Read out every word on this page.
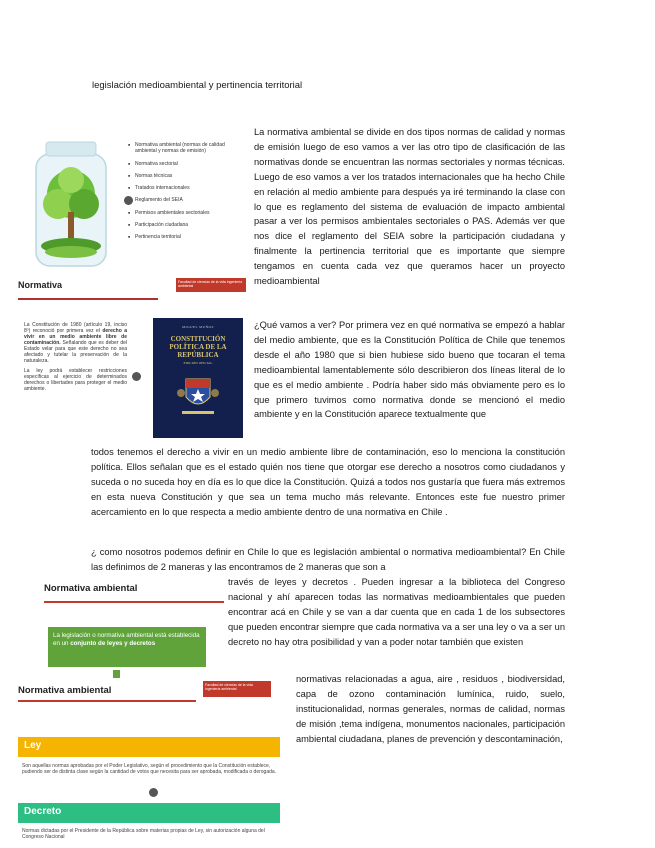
legislación medioambiental y pertinencia territorial
■ Normativa ambiental (normas de calidad ambiental y normas de emisión)
■ Normativa sectorial
■ Normas técnicas
■ Tratados internacionales
■ Reglamento del SEIA
■ Permisos ambientales sectoriales
■ Participación ciudadana
■ Pertinencia territorial
Normativa	Facultad de ciencias de la vida ingeniería ambiental
La Constitución de 1980 (artículo 19, inciso 8º) reconoció por primera vez el derecho a vivir en un medio ambiente libre de contaminación. Señalando que es deber del Estado velar para que este derecho no sea afectado y tutelar la preservación de la naturaleza.
La ley podrá establecer restricciones específicas al ejercicio de determinados derechos o libertades para proteger el medio ambiente.
MIGUEL MUÑOZ
CONSTITUCIÓN POLÍTICA DE LA REPÚBLICA
EDICIÓN OFICIAL
Normativa ambiental
La legislación o normativa ambiental está establecida en un conjunto de leyes y decretos
Normativa ambiental	Facultad de ciencias de la vida ingeniería ambiental
Ley
Son aquellas normas aprobadas por el Poder Legislativo, según el procedimiento que la Constitución establece, pudiendo ser de distinta clase según la cantidad de votos que necesita para ser aprobada, modificada o derogada.
Decreto
Normas dictadas por el Presidente de la República sobre materias propias de Ley, sin autorización alguna del Congreso Nacional
La normativa ambiental se divide en dos tipos normas de calidad y normas de emisión luego de eso vamos a ver las otro tipo de clasificación de las normativas donde se encuentran las normas sectoriales y normas técnicas. Luego de eso vamos a ver los tratados internacionales que ha hecho Chile en relación al medio ambiente para después ya iré terminando la clase con lo que es reglamento del sistema de evaluación de impacto ambiental pasar a ver los permisos ambientales sectoriales o PAS. Además ver que nos dice el reglamento del SEIA sobre la participación ciudadana y finalmente la pertinencia territorial que es importante que siempre tengamos en cuenta cada vez que queramos hacer un proyecto medioambiental
¿Qué vamos a ver? Por primera vez en qué normativa se empezó a hablar del medio ambiente, que es la Constitución Política de Chile que tenemos desde el año 1980 que si bien hubiese sido bueno que tocaran el tema medioambiental lamentablemente sólo describieron dos líneas literal de lo que es el medio ambiente . Podría haber sido más obviamente pero es lo que primero tuvimos como normativa donde se mencionó el medio ambiente y en la Constitución aparece textualmente que
todos tenemos el derecho a vivir en un medio ambiente libre de contaminación, eso lo menciona la constitución política. Ellos señalan que es el estado quién nos tiene que otorgar ese derecho a nosotros como ciudadanos y suceda o no suceda hoy en día es lo que dice la Constitución. Quizá a todos nos gustaría que fuera más extremos en esta nueva Constitución y que sea un tema mucho más relevante. Entonces este fue nuestro primer acercamiento en lo que respecta a medio ambiente dentro de una normativa en Chile .
¿ como nosotros podemos definir en Chile lo que es legislación ambiental o normativa medioambiental? En Chile las definimos de 2 maneras y las encontramos de 2 maneras que son a
través de leyes y decretos . Pueden ingresar a la biblioteca del Congreso nacional y ahí aparecen todas las normativas medioambientales que pueden encontrar acá en Chile y se van a dar cuenta que en cada 1 de los subsectores que pueden encontrar siempre que cada normativa va a ser una ley o va a ser un decreto no hay otra posibilidad y van a poder notar también que existen
normativas relacionadas a agua, aire , residuos , biodiversidad, capa de ozono contaminación lumínica, ruido, suelo, institucionalidad, normas generales, normas de calidad, normas de misión ,tema indígena, monumentos nacionales, participación ambiental ciudadana, planes de prevención y descontaminación,
